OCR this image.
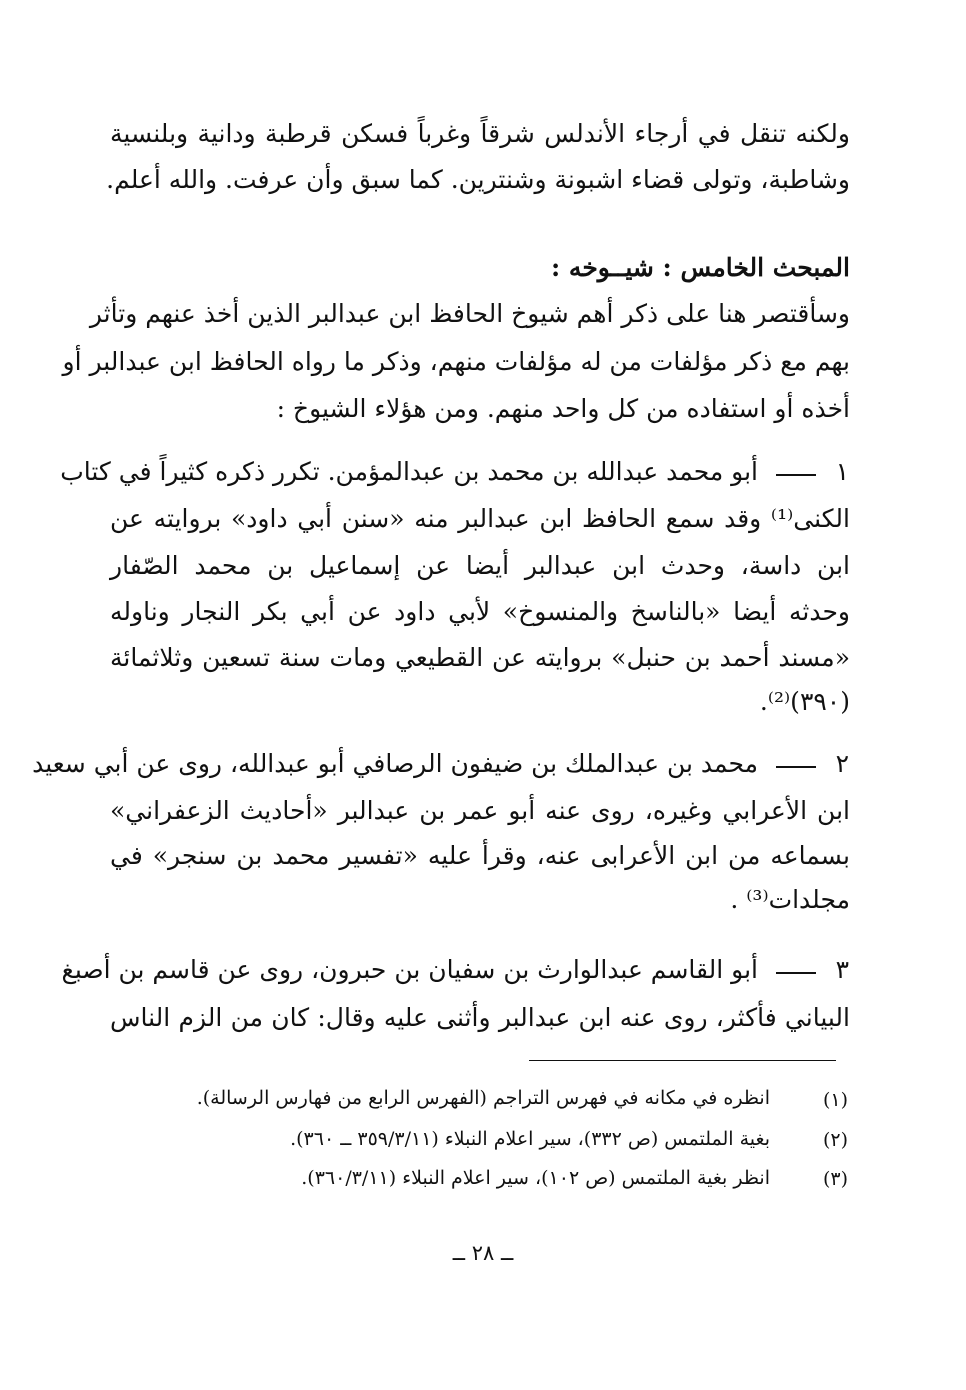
ولكنه تنقل في أرجاء الأندلس شرقاً وغرباً فسكن قرطبة ودانية وبلنسية
وشاطبة، وتولى قضاء اشبونة وشنترين. كما سبق وأن عرفت. والله أعلم.
المبحث الخامس : شيــوخه :
وسأقتصر هنا على ذكر أهم شيوخ الحافظ ابن عبدالبر الذين أخذ عنهم وتأثر
بهم مع ذكر مؤلفات من له مؤلفات منهم، وذكر ما رواه الحافظ ابن عبدالبر أو
أخذه أو استفاده من كل واحد منهم. ومن هؤلاء الشيوخ :
١
أبو محمد عبدالله بن محمد بن عبدالمؤمن. تكرر ذكره كثيراً في كتاب
الكنى⁽¹⁾ وقد سمع الحافظ ابن عبدالبر منه «سنن أبي داود» بروايته عن
ابن داسة، وحدث ابن عبدالبر أيضا عن إسماعيل بن محمد الصّفار
وحدثه أيضا «بالناسخ والمنسوخ» لأبي داود عن أبي بكر النجار وناوله
«مسند أحمد بن حنبل» بروايته عن القطيعي ومات سنة تسعين وثلاثمائة
(٣٩٠)⁽²⁾.
٢
محمد بن عبدالملك بن ضيفون الرصافي أبو عبدالله، روى عن أبي سعيد
ابن الأعرابي وغيره، روى عنه أبو عمر بن عبدالبر «أحاديث الزعفراني»
بسماعه من ابن الأعرابى عنه، وقرأ عليه «تفسير محمد بن سنجر» في
مجلدات⁽³⁾ .
٣
أبو القاسم عبدالوارث بن سفيان بن حبرون، روى عن قاسم بن أصبغ
البياني فأكثر، روى عنه ابن عبدالبر وأثنى عليه وقال: كان من الزم الناس
(١)
انظره في مكانه في فهرس التراجم (الفهرس الرابع من فهارس الرسالة).
(٢)
بغية الملتمس (ص ٣٣٢)، سير اعلام النبلاء (٣٥٩/٣/١١ ــ ٣٦٠).
(٣)
انظر بغية الملتمس (ص ١٠٢)، سير اعلام النبلاء (٣٦٠/٣/١١).
ــ ٢٨ ــ
